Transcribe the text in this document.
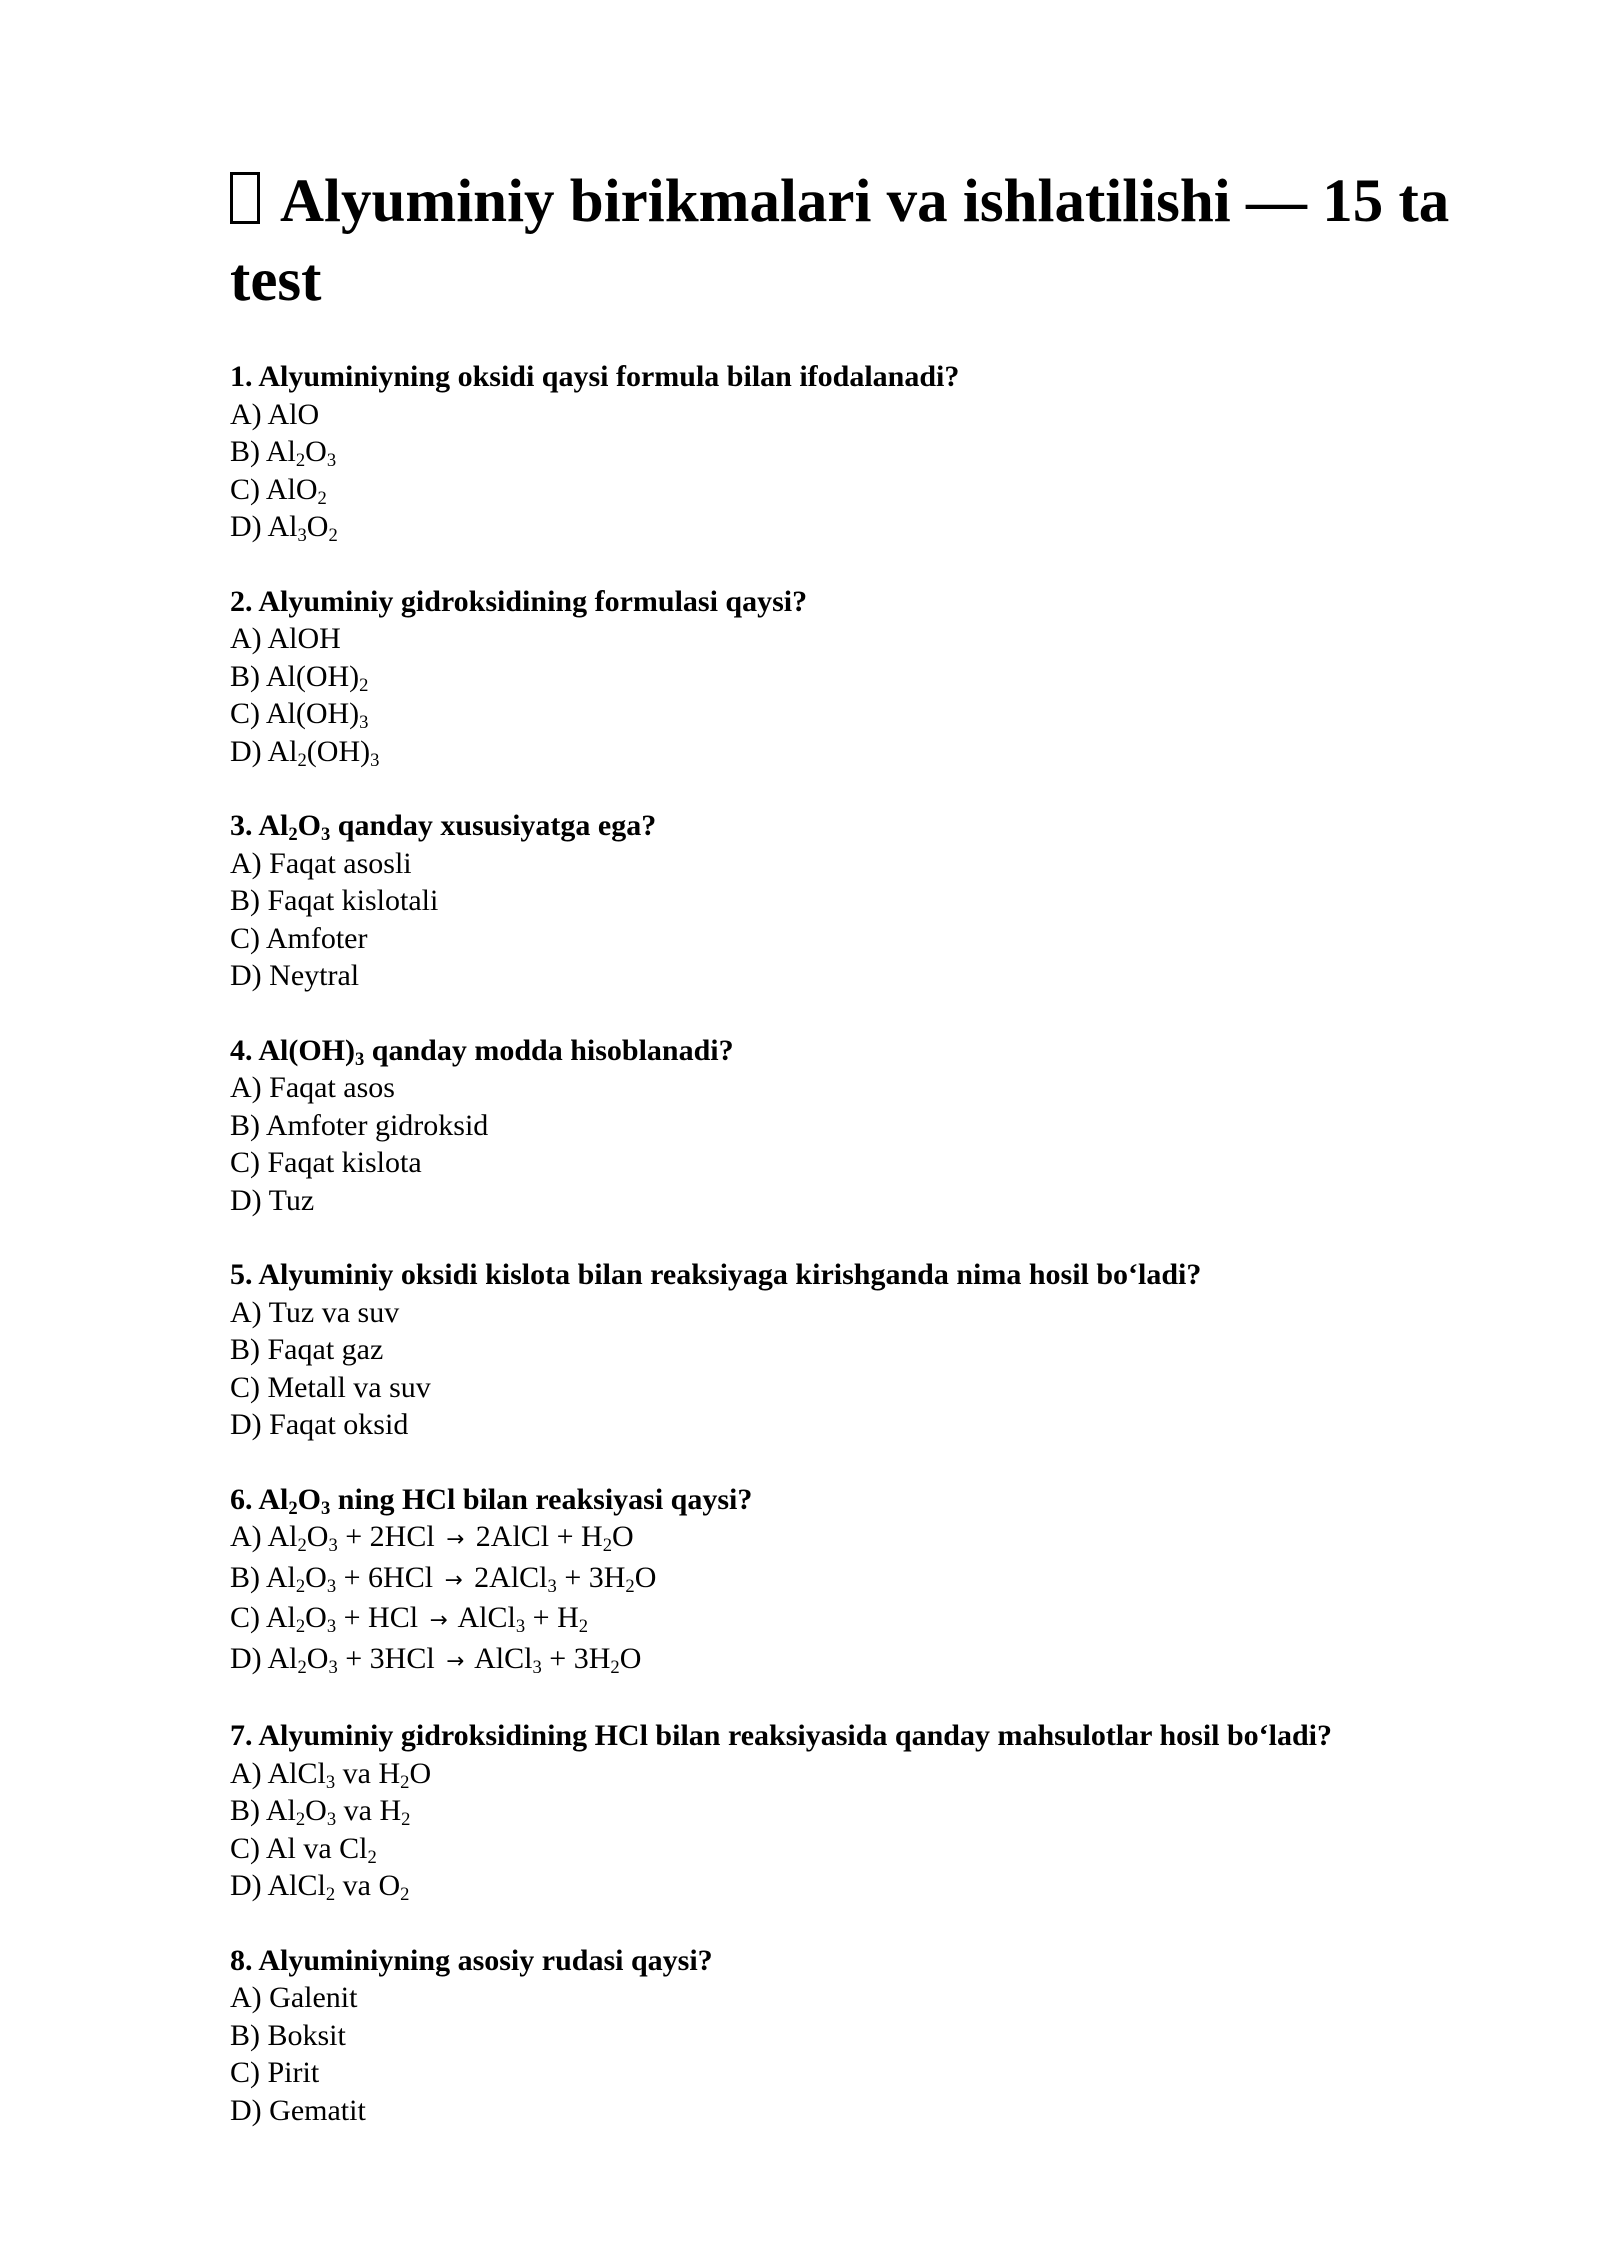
Alyuminiy birikmalari va ishlatilishi — 15 ta test
1. Alyuminiyning oksidi qaysi formula bilan ifodalanadi?
A) AlO
B) $Al_2O_3$
C) AlO$_2$
D) $Al_3O_2$
2. Alyuminiy gidroksidining formulasi qaysi?
A) AlOH
B) $Al(OH)_2$
C) $Al(OH)_3$
D) $Al_2(OH)_3$
3. $Al_2O_3$ qanday xususiyatga ega?
A) Faqat asosli
B) Faqat kislotali
C) Amfoter
D) Neytral
4. $Al(OH)_3$ qanday modda hisoblanadi?
A) Faqat asos
B) Amfoter gidroksid
C) Faqat kislota
D) Tuz
5. Alyuminiy oksidi kislota bilan reaksiyaga kirishganda nima hosil boʻladi?
A) Tuz va suv
B) Faqat gaz
C) Metall va suv
D) Faqat oksid
6. $Al_2O_3$ ning HCl bilan reaksiyasi qaysi?
A) $Al_2O_3 + 2HCl$ → 2AlCl + $H_2O$
B) $Al_2O_3 + 6HCl$ → 2AlCl$_3$ + $3H_2O$
C) $Al_2O_3$ + HCl → AlCl$_3$ + $H_2$
D) $Al_2O_3 + 3HCl$ → AlCl$_3$ + $3H_2O$
7. Alyuminiy gidroksidining HCl bilan reaksiyasida qanday mahsulotlar hosil boʻladi?
A) AlCl$_3$ va $H_2O$
B) $Al_2O_3$ va $H_2$
C) Al va $Cl_2$
D) AlCl$_2$ va $O_2$
8. Alyuminiyning asosiy rudasi qaysi?
A) Galenit
B) Boksit
C) Pirit
D) Gematit
